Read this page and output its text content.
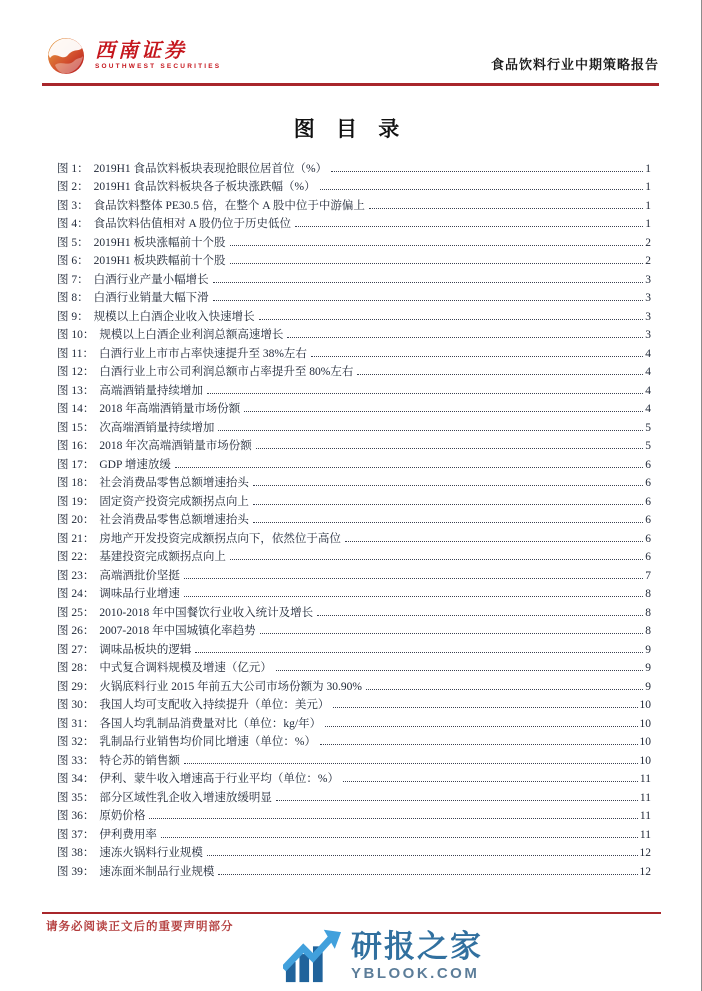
西南证券
SOUTHWEST SECURITIES	食品饮料行业中期策略报告
图 目 录
图 1： 2019H1 食品饮料板块表现抢眼位居首位（%）	1
图 2： 2019H1 食品饮料板块各子板块涨跌幅（%）	1
图 3： 食品饮料整体 PE30.5 倍，在整个 A 股中位于中游偏上	1
图 4： 食品饮料估值相对 A 股仍位于历史低位	1
图 5： 2019H1 板块涨幅前十个股	2
图 6： 2019H1 板块跌幅前十个股	2
图 7： 白酒行业产量小幅增长	3
图 8： 白酒行业销量大幅下滑	3
图 9： 规模以上白酒企业收入快速增长	3
图 10： 规模以上白酒企业利润总额高速增长	3
图 11： 白酒行业上市市占率快速提升至 38%左右	4
图 12： 白酒行业上市公司利润总额市占率提升至 80%左右	4
图 13： 高端酒销量持续增加	4
图 14： 2018 年高端酒销量市场份额	4
图 15： 次高端酒销量持续增加	5
图 16： 2018 年次高端酒销量市场份额	5
图 17： GDP 增速放缓	6
图 18： 社会消费品零售总额增速抬头	6
图 19： 固定资产投资完成额拐点向上	6
图 20： 社会消费品零售总额增速抬头	6
图 21： 房地产开发投资完成额拐点向下，依然位于高位	6
图 22： 基建投资完成额拐点向上	6
图 23： 高端酒批价坚挺	7
图 24： 调味品行业增速	8
图 25： 2010-2018 年中国餐饮行业收入统计及增长	8
图 26： 2007-2018 年中国城镇化率趋势	8
图 27： 调味品板块的逻辑	9
图 28： 中式复合调料规模及增速（亿元）	9
图 29： 火锅底料行业 2015 年前五大公司市场份额为 30.90%	9
图 30： 我国人均可支配收入持续提升（单位：美元）	10
图 31： 各国人均乳制品消费量对比（单位：kg/年）	10
图 32： 乳制品行业销售均价同比增速（单位：%）	10
图 33： 特仑苏的销售额	10
图 34： 伊利、蒙牛收入增速高于行业平均（单位：%）	11
图 35： 部分区域性乳企收入增速放缓明显	11
图 36： 原奶价格	11
图 37： 伊利费用率	11
图 38： 速冻火锅料行业规模	12
图 39： 速冻面米制品行业规模	12
请务必阅读正文后的重要声明部分
研报之家
YBLOOK.COM
